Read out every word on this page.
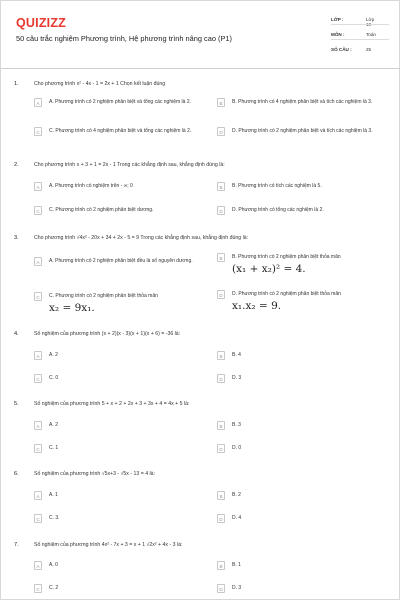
QUIZIZZ
50 câu trắc nghiệm Phương trình, Hệ phương trình nâng cao (P1)
LỚP :	Lớp 10
MÔN :	Toán
SỐ CÂU :	25
1.	Cho phương trình x² - 4x - 1 = 2x + 1 Chọn kết luận đúng
A	A. Phương trình có 2 nghiệm phân biệt và tổng các nghiệm là 2.	B	B. Phương trình có 4 nghiệm phân biệt và tích các nghiệm là 3.
C	C. Phương trình có 4 nghiệm phân biệt và tổng các nghiệm là 2.	D	D. Phương trình có 2 nghiệm phân biệt và tích các nghiệm là 3.
2.	Cho phương trình x + 3 + 1 = 2x - 1 Trong các khẳng định sau, khẳng định đúng là:
A	A. Phương trình có nghiệm trên - ∞; 0	B	B. Phương trình có tích các nghiệm là 5.
C	C. Phương trình có 2 nghiệm phân biệt dương.	D	D. Phương trình có tổng các nghiệm là 2.
3.	Cho phương trình √4x² - 20x + 34 + 2x - 5 = 9 Trong các khẳng định sau, khẳng định đúng là:
A	A. Phương trình có 2 nghiệm phân biệt đều là số nguyên dương.	B	B. Phương trình có 2 nghiệm phân biệt thỏa mãn
(x₁ + x₂)² = 4.
C	C. Phương trình có 2 nghiệm phân biệt thỏa mãn
x₂ = 9x₁.
D	D. Phương trình có 2 nghiệm phân biệt thỏa mãn
x₁.x₂ = 9.
4.	Số nghiệm của phương trình (x + 2)(x - 3)(x + 1)(x + 6) = -36 là:
A	A. 2	B	B. 4
C	C. 0	D	D. 3
5.	Số nghiệm của phương trình 5 + x + 2 + 2x + 3 + 3x + 4 = 4x + 5 là:
A	A. 2	B	B. 3
C	C. 1	D	D. 0
6.	Số nghiệm của phương trình √5x+3 - √5x - 13 = 4 là:
A	A. 1	B	B. 2
C	C. 3.	D	D. 4
7.	Số nghiệm của phương trình 4x² - 7x + 3 = x + 1 √2x² + 4x - 3 là:
A	A. 0	B	B. 1
C	C. 2	D	D. 3
